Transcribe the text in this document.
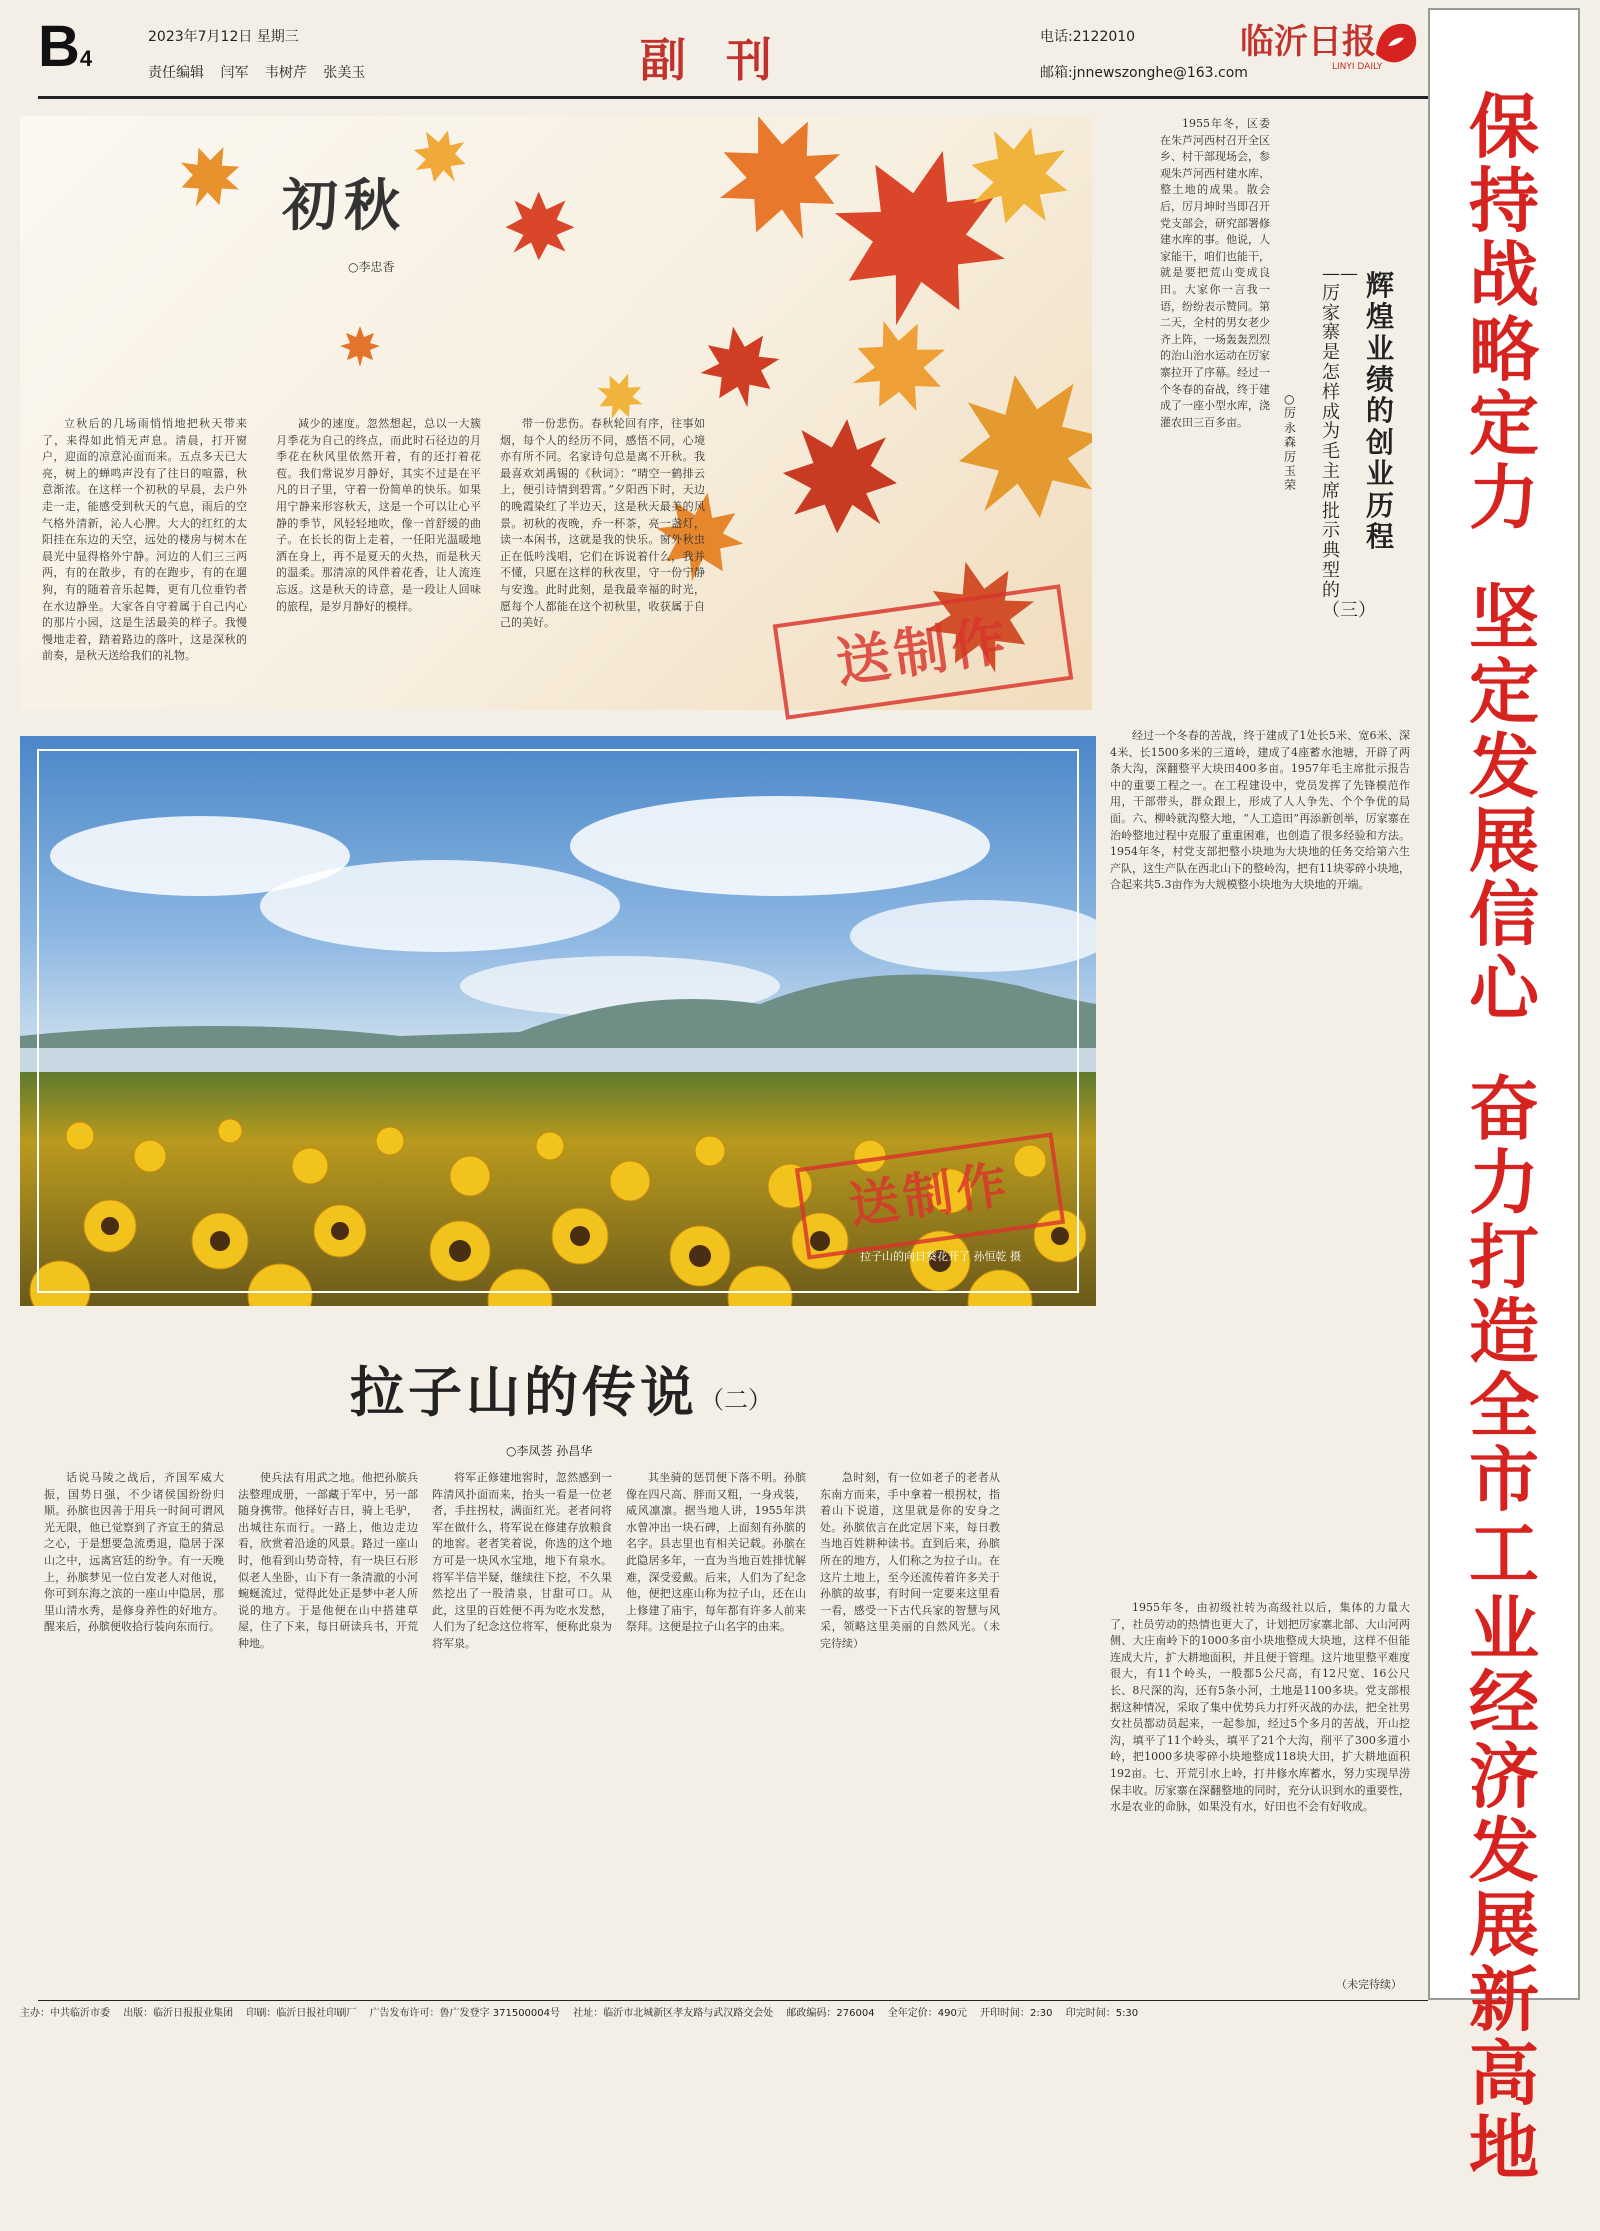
B4
2023年7月12日 星期三
责任编辑 闫军 韦树芹 张美玉	副刊	电话:2122010
邮箱:jnnewszonghe@163.com
临沂日报
LINYI DAILY
保持战略定力
坚定发展信心
奋力打造全市工业经济发展新高地

立秋后的几场雨悄悄地把秋天带来了，来得如此悄无声息。清晨，打开窗户，迎面的凉意沁面而来。五点多天已大亮，树上的蝉鸣声没有了往日的喧嚣，秋意渐浓。在这样一个初秋的早晨，去户外走一走，能感受到秋天的气息，雨后的空气格外清新，沁人心脾。大大的红红的太阳挂在东边的天空，远处的楼房与树木在晨光中显得格外宁静。河边的人们三三两两，有的在散步，有的在跑步，有的在遛狗，有的随着音乐起舞，更有几位垂钓者在水边静坐。大家各自守着属于自己内心的那片小园，这是生活最美的样子。我慢慢地走着，踏着路边的落叶，这是深秋的前奏，是秋天送给我们的礼物。

减少的速度。忽然想起，总以一大簇月季花为自己的终点，而此时石径边的月季花在秋风里依然开着，有的还打着花苞。我们常说岁月静好，其实不过是在平凡的日子里，守着一份简单的快乐。如果用宁静来形容秋天，这是一个可以让心平静的季节，风轻轻地吹，像一首舒缓的曲子。在长长的街上走着，一任阳光温暖地洒在身上，再不是夏天的火热，而是秋天的温柔。那清凉的风伴着花香，让人流连忘返。这是秋天的诗意，是一段让人回味的旅程，是岁月静好的模样。

带一份悲伤。春秋轮回有序，往事如烟，每个人的经历不同，感悟不同，心境亦有所不同。名家诗句总是离不开秋。我最喜欢刘禹锡的《秋词》：“晴空一鹤排云上，便引诗情到碧霄。”夕阳西下时，天边的晚霞染红了半边天，这是秋天最美的风景。初秋的夜晚，乔一杯茶，亮一盏灯，读一本闲书，这就是我的快乐。窗外秋虫正在低吟浅唱，它们在诉说着什么，我并不懂，只愿在这样的秋夜里，守一份宁静与安逸。此时此刻，是我最幸福的时光，愿每个人都能在这个初秋里，收获属于自己的美好。

初秋
○李忠香
送制作
拉子山的向日葵花开了 孙恒乾 摄
送制作
拉子山的传说 （二）
○李凤荟 孙昌华

话说马陵之战后，齐国军威大振，国势日强，不少诸侯国纷纷归顺。孙膑也因善于用兵一时间可谓风光无限，他已觉察到了齐宣王的猜忌之心，于是想要急流勇退，隐居于深山之中，远离宫廷的纷争。有一天晚上，孙膑梦见一位白发老人对他说，你可到东海之滨的一座山中隐居，那里山清水秀，是修身养性的好地方。醒来后，孙膑便收拾行装向东而行。

使兵法有用武之地。他把孙膑兵法整理成册，一部藏于军中，另一部随身携带。他择好吉日，骑上毛驴，出城往东而行。一路上，他边走边看，欣赏着沿途的风景。路过一座山时，他看到山势奇特，有一块巨石形似老人坐卧，山下有一条清澈的小河蜿蜒流过，觉得此处正是梦中老人所说的地方。于是他便在山中搭建草屋，住了下来，每日研读兵书，开荒种地。

将军正修建地窖时，忽然感到一阵清风扑面而来，抬头一看是一位老者，手拄拐杖，满面红光。老者问将军在做什么，将军说在修建存放粮食的地窖。老者笑着说，你选的这个地方可是一块风水宝地，地下有泉水。将军半信半疑，继续往下挖，不久果然挖出了一股清泉，甘甜可口。从此，这里的百姓便不再为吃水发愁，人们为了纪念这位将军，便称此泉为将军泉。

其坐骑的惩罚便下落不明。孙膑像在四尺高、胖而又粗，一身戎装，威风凛凛。据当地人讲，1955年洪水曾冲出一块石碑，上面刻有孙膑的名字。县志里也有相关记载。孙膑在此隐居多年，一直为当地百姓排忧解难，深受爱戴。后来，人们为了纪念他，便把这座山称为拉子山，还在山上修建了庙宇，每年都有许多人前来祭拜。这便是拉子山名字的由来。

急时刻，有一位如老子的老者从东南方而来，手中拿着一根拐杖，指着山下说道，这里就是你的安身之处。孙膑依言在此定居下来，每日教当地百姓耕种读书。直到后来，孙膑所在的地方，人们称之为拉子山。在这片土地上，至今还流传着许多关于孙膑的故事，有时间一定要来这里看一看，感受一下古代兵家的智慧与风采，领略这里美丽的自然风光。（未完待续）

辉煌业绩的创业历程
——厉家寨是怎样成为毛主席批示典型的（三）
○厉永森 厉玉荣

1955年冬，区委在朱芦河西村召开全区乡、村干部现场会，参观朱芦河西村建水库、整土地的成果。散会后，厉月坤时当即召开党支部会，研究部署修建水库的事。他说，人家能干，咱们也能干，就是要把荒山变成良田。大家你一言我一语，纷纷表示赞同。第二天，全村的男女老少齐上阵，一场轰轰烈烈的治山治水运动在厉家寨拉开了序幕。经过一个冬春的奋战，终于建成了一座小型水库，浇灌农田三百多亩。

经过一个冬春的苦战，终于建成了1处长5米、宽6米、深4米、长1500多米的三道岭，建成了4座蓄水池塘，开辟了两条大沟，深翻整平大块田400多亩。1957年毛主席批示报告中的重要工程之一。在工程建设中，党员发挥了先锋模范作用，干部带头，群众跟上，形成了人人争先、个个争优的局面。六、柳岭就沟整大地，“人工造田”再添新创举，厉家寨在治岭整地过程中克服了重重困难，也创造了很多经验和方法。1954年冬，村党支部把整小块地为大块地的任务交给第六生产队，这生产队在西北山下的整岭沟，把有11块零碎小块地，合起来共5.3亩作为大规模整小块地为大块地的开端。

1955年冬，由初级社转为高级社以后，集体的力量大了，社员劳动的热情也更大了，计划把厉家寨北部、大山河两侧、大庄南岭下的1000多亩小块地整成大块地，这样不但能连成大片，扩大耕地面积，并且便于管理。这片地里整平难度很大，有11个岭头，一般都5公尺高，有12尺宽、16公尺长、8尺深的沟，还有5条小河，土地是1100多块。党支部根据这种情况，采取了集中优势兵力打歼灭战的办法，把全社男女社员都动员起来，一起参加，经过5个多月的苦战，开山挖沟，填平了11个岭头，填平了21个大沟，削平了300多道小岭，把1000多块零碎小块地整成118块大田，扩大耕地面积192亩。七、开荒引水上岭，打井修水库蓄水，努力实现旱涝保丰收。厉家寨在深翻整地的同时，充分认识到水的重要性，水是农业的命脉，如果没有水，好田也不会有好收成。

（未完待续）
主办：中共临沂市委 出版：临沂日报报业集团 印刷：临沂日报社印刷厂 广告发布许可：鲁广发登字 371500004号 社址：临沂市北城新区孝友路与武汉路交会处 邮政编码：276004 全年定价：490元 开印时间：2:30 印完时间：5:30
